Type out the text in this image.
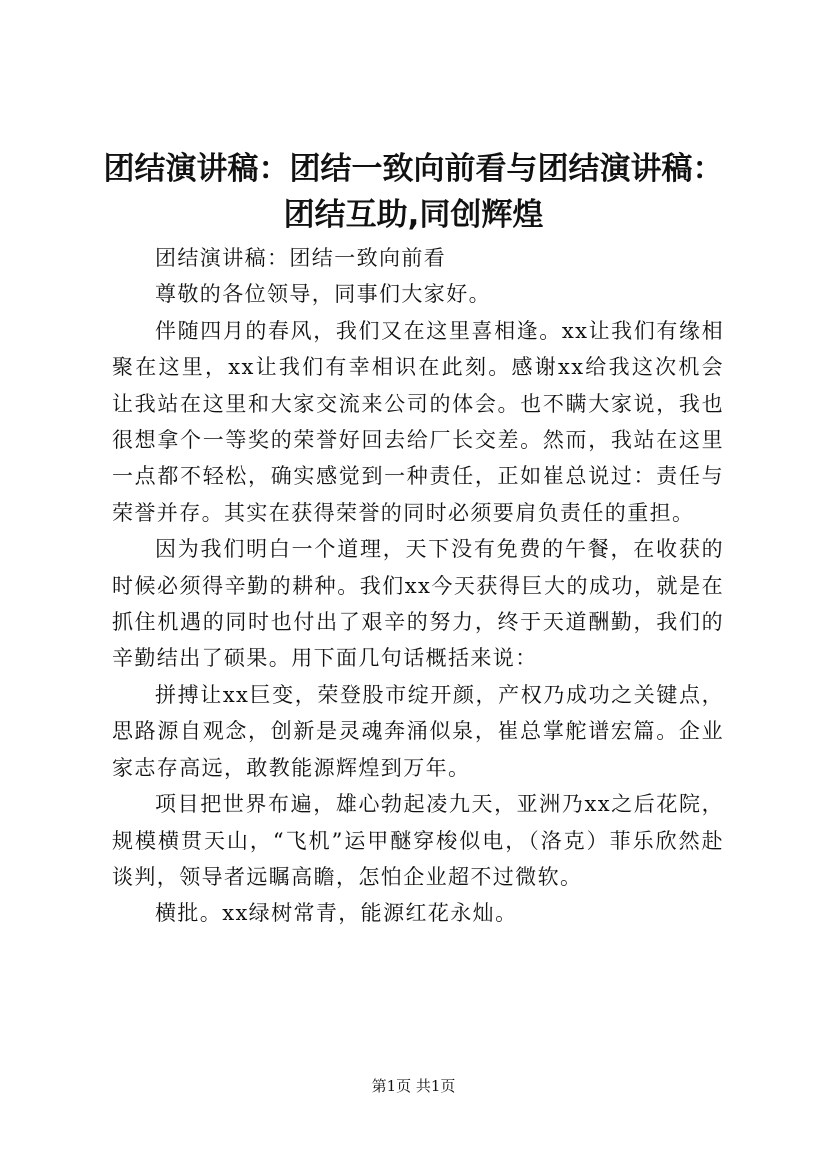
团结演讲稿：团结一致向前看与团结演讲稿：团结互助,同创辉煌

团结演讲稿：团结一致向前看

尊敬的各位领导，同事们大家好。

伴随四月的春风，我们又在这里喜相逢。xx让我们有缘相聚在这里，xx让我们有幸相识在此刻。感谢xx给我这次机会让我站在这里和大家交流来公司的体会。也不瞒大家说，我也很想拿个一等奖的荣誉好回去给厂长交差。然而，我站在这里一点都不轻松，确实感觉到一种责任，正如崔总说过：责任与荣誉并存。其实在获得荣誉的同时必须要肩负责任的重担。

因为我们明白一个道理，天下没有免费的午餐，在收获的时候必须得辛勤的耕种。我们xx今天获得巨大的成功，就是在抓住机遇的同时也付出了艰辛的努力，终于天道酬勤，我们的辛勤结出了硕果。用下面几句话概括来说：

拼搏让xx巨变，荣登股市绽开颜，产权乃成功之关键点，思路源自观念，创新是灵魂奔涌似泉，崔总掌舵谱宏篇。企业家志存高远，敢教能源辉煌到万年。

项目把世界布遍，雄心勃起凌九天，亚洲乃xx之后花院，规模横贯天山，“飞机”运甲醚穿梭似电，（洛克）菲乐欣然赴谈判，领导者远瞩高瞻，怎怕企业超不过微软。

横批。xx绿树常青，能源红花永灿。

第1页 共1页
